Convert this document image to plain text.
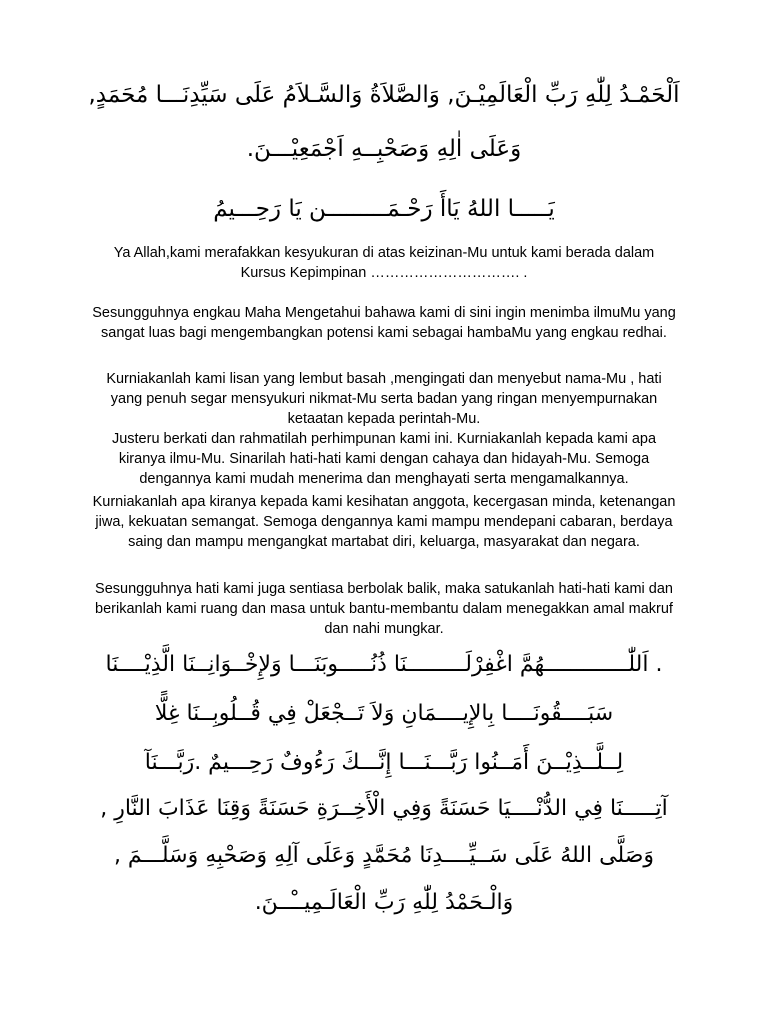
اَلْحَمْـدُ لِلّٰهِ رَبِّ الْعَالَمِيْـنَ, وَالصَّلاَةُ وَالسَّـلاَمُ عَلَى سَيِّدِنَـــا مُحَمَدٍ,
وَعَلَى اٰلِهِ وَصَحْبِــهِ اَجْمَعِيْـــنَ.
يَـــــا اللهُ يَاأَ رَحْـمَـــــــــن يَا رَحِـــيمُ
Ya Allah,kami merafakkan kesyukuran di atas keizinan-Mu untuk kami berada dalam Kursus Kepimpinan …………………………. .
Sesungguhnya engkau Maha Mengetahui bahawa kami di sini ingin menimba ilmuMu yang sangat luas bagi mengembangkan potensi kami sebagai hambaMu yang engkau redhai.
Kurniakanlah kami lisan yang lembut basah ,mengingati dan menyebut nama-Mu , hati yang penuh segar mensyukuri nikmat-Mu serta badan yang ringan menyempurnakan ketaatan kepada perintah-Mu.
Justeru berkati dan rahmatilah perhimpunan kami ini. Kurniakanlah kepada kami apa kiranya ilmu-Mu. Sinarilah hati-hati kami dengan cahaya dan hidayah-Mu. Semoga dengannya kami mudah menerima dan menghayati serta mengamalkannya.
Kurniakanlah apa kiranya kepada kami kesihatan anggota, kecergasan minda, ketenangan jiwa, kekuatan semangat. Semoga dengannya kami mampu mendepani cabaran, berdaya saing dan mampu mengangkat martabat diri, keluarga, masyarakat dan negara.
Sesungguhnya hati kami juga sentiasa berbolak balik, maka satukanlah hati-hati kami dan berikanlah kami ruang dan masa untuk bantu-membantu dalam menegakkan amal makruf dan nahi mungkar.
. اَللّٰـــــــــــــهُمَّ اغْفِرْلَـــــــــنَا ذُنُـــــوبَنَـــا وَلإِخْــوَانِــنَا الَّذِيْــــنَا
سَبَــــقُونَــــا بِالإِيــــمَانِ وَلاَ تَــجْعَلْ فِي قُــلُوبِــنَا غِلًّا
لِــلَّــذِيْــنَ أَمَــنُوا رَبَّـــنَـــا إِنَّـــكَ رَءُوفٌ رَحِـــيمٌ .رَبَّـــنَآ
آتِـــــنَا فِي الدُّنْــــيَا حَسَنَةً وَفِي الْأَخِــرَةِ حَسَنَةً وَقِنَا عَذَابَ النَّارِ ,
وَصَلَّى اللهُ عَلَى سَــيِّــــدِنَا مُحَمَّدٍ وَعَلَى آلِهِ وَصَحْبِهِ وَسَلَّـــمَ ,
وَالْـحَمْدُ لِلّٰهِ رَبِّ الْعَالَـمِيــْــنَ.
